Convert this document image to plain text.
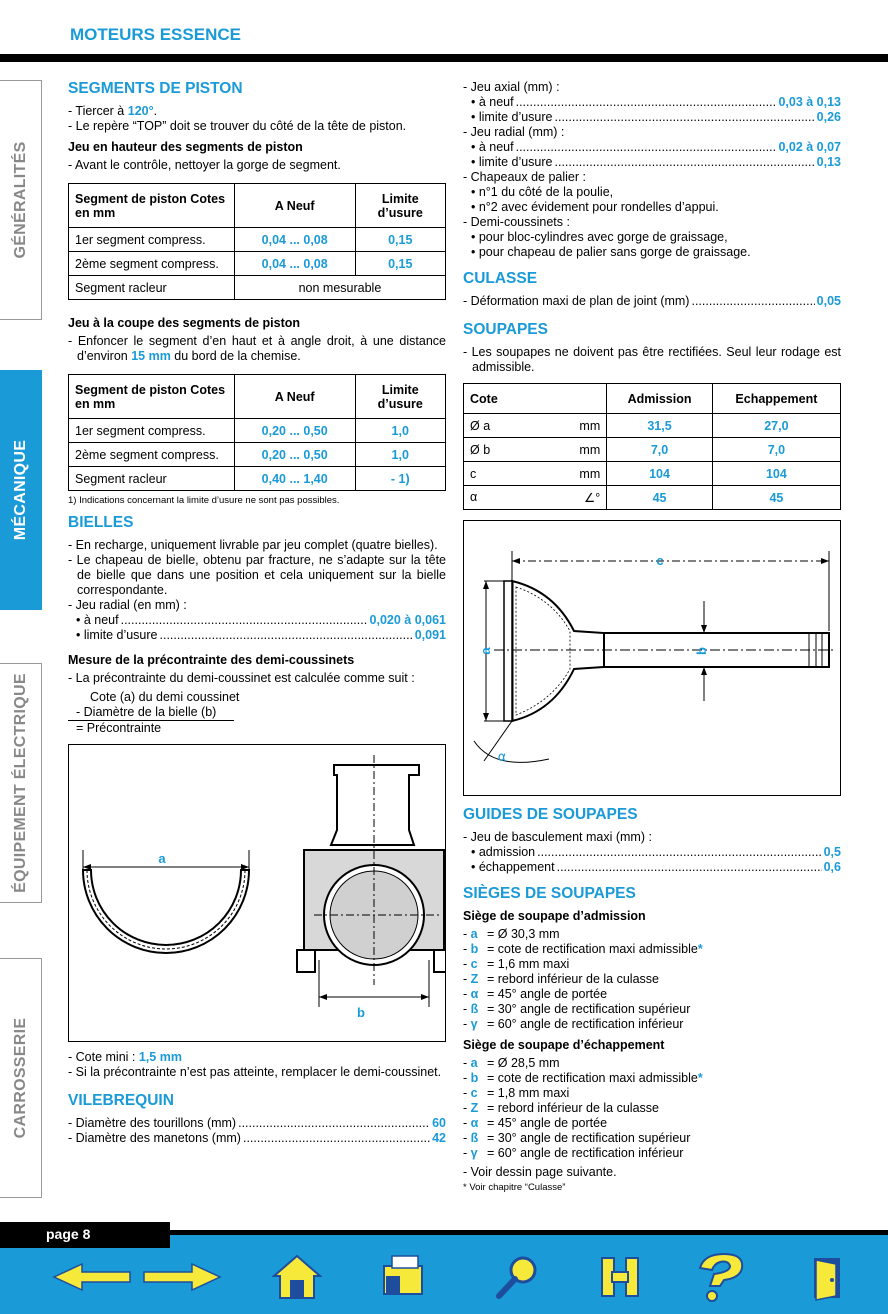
MOTEURS ESSENCE
GÉNÉRALITÉS
MÉCANIQUE
ÉQUIPEMENT ÉLECTRIQUE
CARROSSERIE
SEGMENTS DE PISTON

- Tiercer à 120°.

- Le repère “TOP” doit se trouver du côté de la tête de piston.

Jeu en hauteur des segments de piston

- Avant le contrôle, nettoyer la gorge de segment.

Segment de piston Cotes en mm	A Neuf	Limite d’usure
1er segment compress.	0,04 ... 0,08	0,15
2ème segment compress.	0,04 ... 0,08	0,15
Segment racleur	non mesurable	
Jeu à la coupe des segments de piston

- Enfoncer le segment d’en haut et à angle droit, à une distance d’environ 15 mm du bord de la chemise.

Segment de piston Cotes en mm	A Neuf	Limite d’usure
1er segment compress.	0,20 ... 0,50	1,0
2ème segment compress.	0,20 ... 0,50	1,0
Segment racleur	0,40 ... 1,40	- 1)

1) Indications concernant la limite d’usure ne sont pas possibles.

BIELLES

- En recharge, uniquement livrable par jeu complet (quatre bielles).

- Le chapeau de bielle, obtenu par fracture, ne s’adapte sur la tête de bielle que dans une position et cela uniquement sur la bielle correspondante.

- Jeu radial (en mm) :

• à neuf .....	0,020 à 0,061
• limite d’usure .....	0,091
Mesure de la précontrainte des demi-coussinets

- La précontrainte du demi-coussinet est calculée comme suit :

Cote (a) du demi coussinet
- Diamètre de la bielle (b)
= Précontrainte
a
b

- Cote mini : 1,5 mm

- Si la précontrainte n’est pas atteinte, remplacer le demi-coussinet.

VILEBREQUIN
- Diamètre des tourillons (mm) .....	60
- Diamètre des manetons (mm) .....	42

- Jeu axial (mm) :

• à neuf .....	0,03 à 0,13
• limite d’usure .....	0,26

- Jeu radial (mm) :

• à neuf .....	0,02 à 0,07
• limite d’usure .....	0,13

- Chapeaux de palier :

• n°1 du côté de la poulie,

• n°2 avec évidement pour rondelles d’appui.

- Demi-coussinets :

• pour bloc-cylindres avec gorge de graissage,

• pour chapeau de palier sans gorge de graissage.

CULASSE
- Déformation maxi de plan de joint (mm) .....	0,05
SOUPAPES

- Les soupapes ne doivent pas être rectifiées. Seul leur rodage est admissible.

Cote	Admission	Echappement
Ø a mm	31,5	27,0
Ø b mm	7,0	7,0
c mm	104	104
α ∠°	45	45
c
a	b
α
GUIDES DE SOUPAPES

- Jeu de basculement maxi (mm) :

• admission .....	0,5
• échappement .....	0,6
SIÈGES DE SOUPAPES
Siège de soupape d’admission
- a = Ø 30,3 mm
- b = cote de rectification maxi admissible *
- c = 1,6 mm maxi
- Z = rebord inférieur de la culasse
- α = 45° angle de portée
- ß = 30° angle de rectification supérieur
- γ = 60° angle de rectification inférieur
Siège de soupape d’échappement
- a = Ø 28,5 mm
- b = cote de rectification maxi admissible *
- c = 1,8 mm maxi
- Z = rebord inférieur de la culasse
- α = 45° angle de portée
- ß = 30° angle de rectification supérieur
- γ = 60° angle de rectification inférieur

- Voir dessin page suivante.

* Voir chapitre “Culasse”

page 8
